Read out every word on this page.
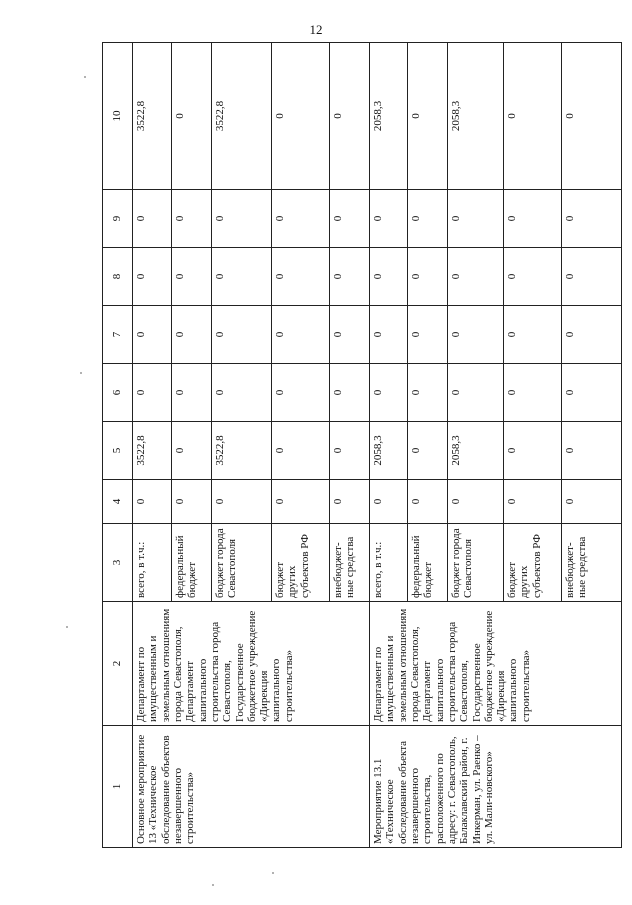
12
1	2	3	4	5	6	7	8	9	10
Основное мероприятие 13 «Техническое обследование объектов незавершенного строительства»	Департамент по имущественным и земельным отношениям города Севастополя, Департамент капитального строительства города Севастополя, Государственное бюджетное учреждение «Дирекция капитального строительства»	всего, в т.ч.:	0	3522,8	0	0	0	0	3522,8
		федеральный бюджет	0	0	0	0	0	0	0
		бюджет города Севастополя	0	3522,8	0	0	0	0	3522,8
		бюджет других субъектов РФ	0	0	0	0	0	0	0
		внебюджет-ные средства	0	0	0	0	0	0	0
Мероприятие 13.1 «Техническое обследование объекта незавершенного строительства, расположенного по адресу: г. Севастополь, Балаклавский район, г. Инкерман, ул. Раенко – ул. Мали-новского»	Департамент по имущественным и земельным отношениям города Севастополя, Департамент капитального строительства города Севастополя, Государственное бюджетное учреждение «Дирекция капитального строительства»	всего, в т.ч.:	0	2058,3	0	0	0	0	2058,3
		федеральный бюджет	0	0	0	0	0	0	0
		бюджет города Севастополя	0	2058,3	0	0	0	0	2058,3
		бюджет других субъектов РФ	0	0	0	0	0	0	0
		внебюджет-ные средства	0	0	0	0	0	0	0
